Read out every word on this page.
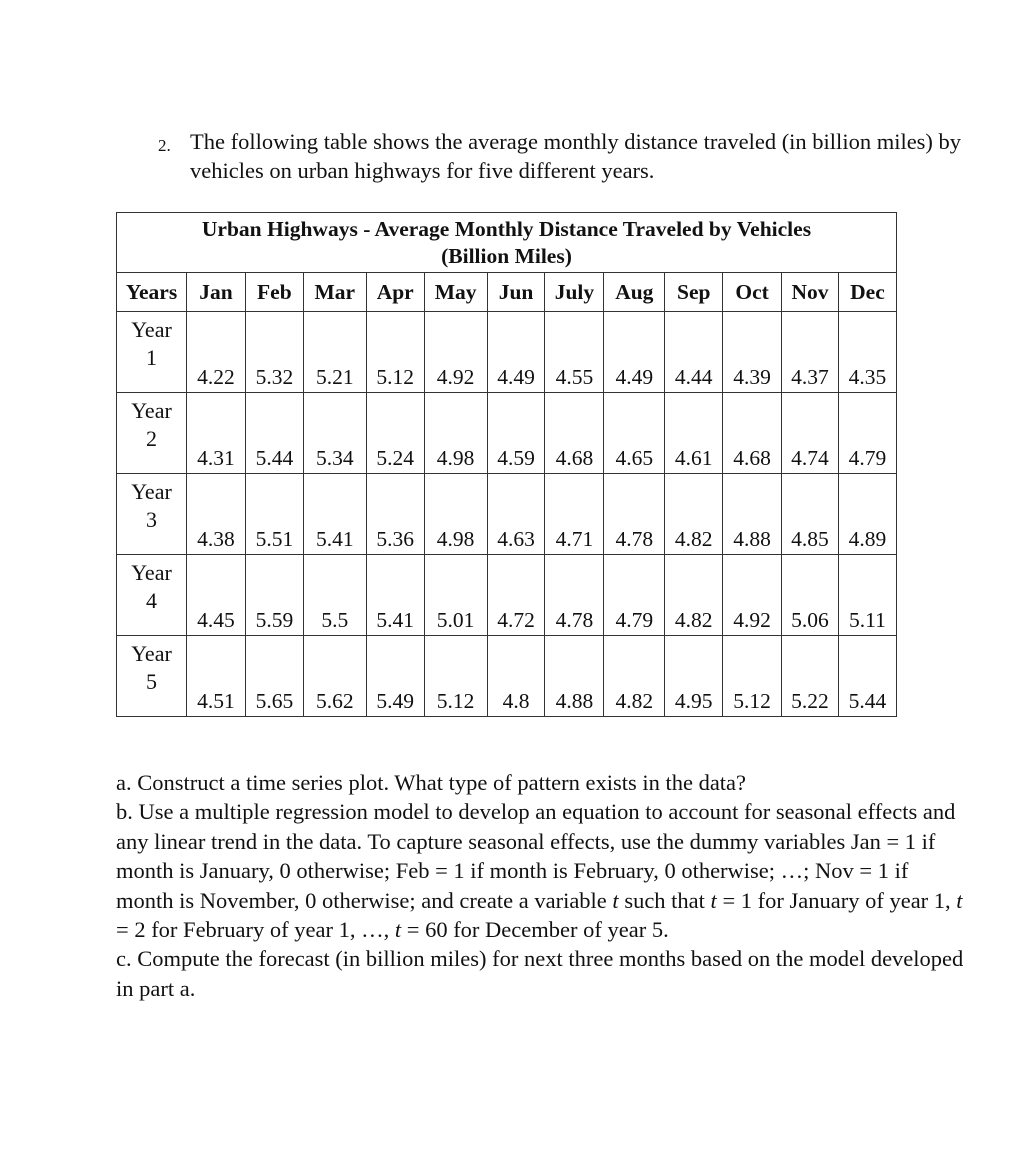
2. The following table shows the average monthly distance traveled (in billion miles) by vehicles on urban highways for five different years.
Urban Highways - Average Monthly Distance Traveled by Vehicles
(Billion Miles)												

Years	Jan	Feb	Mar	Apr	May	Jun	July	Aug	Sep	Oct	Nov	Dec

Year
1	4.22	5.32	5.21	5.12	4.92	4.49	4.55	4.49	4.44	4.39	4.37	4.35

Year
2	4.31	5.44	5.34	5.24	4.98	4.59	4.68	4.65	4.61	4.68	4.74	4.79

Year
3	4.38	5.51	5.41	5.36	4.98	4.63	4.71	4.78	4.82	4.88	4.85	4.89

Year
4	4.45	5.59	5.5	5.41	5.01	4.72	4.78	4.79	4.82	4.92	5.06	5.11

Year
5	4.51	5.65	5.62	5.49	5.12	4.8	4.88	4.82	4.95	5.12	5.22	5.44

a. Construct a time series plot. What type of pattern exists in the data?

b. Use a multiple regression model to develop an equation to account for seasonal effects and any linear trend in the data. To capture seasonal effects, use the dummy variables Jan = 1 if month is January, 0 otherwise; Feb = 1 if month is February, 0 otherwise; …; Nov = 1 if month is November, 0 otherwise; and create a variable t such that t = 1 for January of year 1, t = 2 for February of year 1, …, t = 60 for December of year 5.

c. Compute the forecast (in billion miles) for next three months based on the model developed in part a.
